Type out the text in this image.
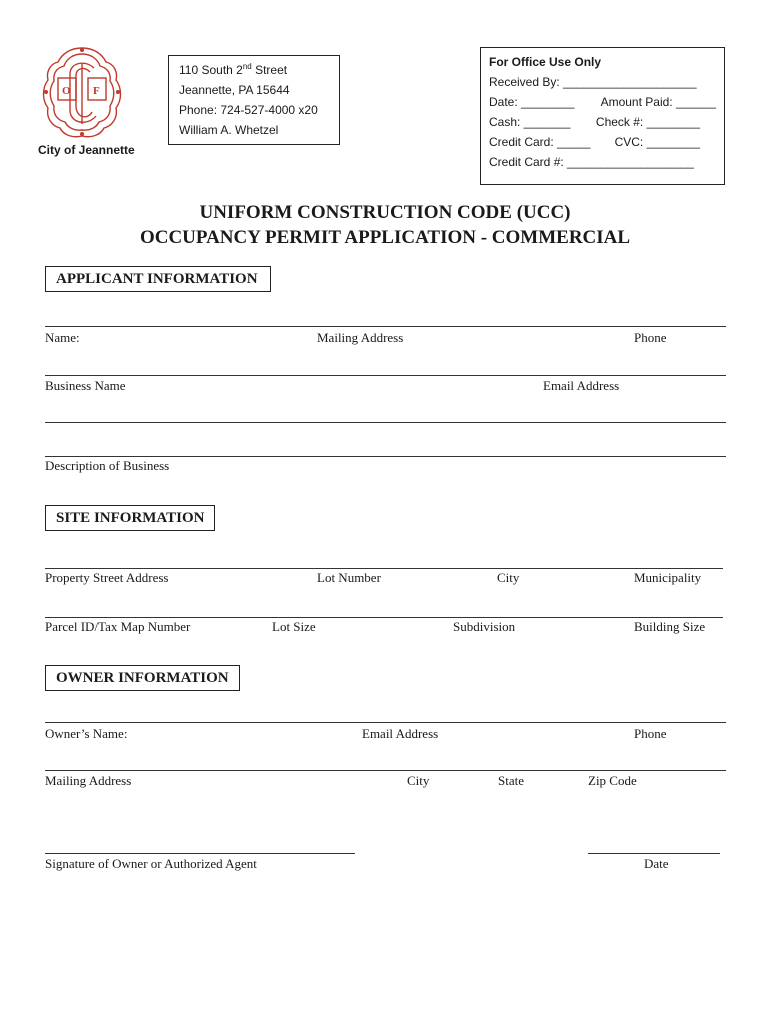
O F
City of Jeannette
110 South 2nd Street
Jeannette, PA 15644
Phone: 724-527-4000 x20
William A. Whetzel
For Office Use Only
Received By: ____________________
Date: ________ Amount Paid: ______
Cash: _______ Check #: ________
Credit Card: _____ CVC: ________
Credit Card #: ___________________
UNIFORM CONSTRUCTION CODE (UCC)
OCCUPANCY PERMIT APPLICATION - COMMERCIAL
APPLICANT INFORMATION
Name:	Mailing Address	Phone
Business Name	Email Address
Description of Business
SITE INFORMATION
Property Street Address	Lot Number	City	Municipality
Parcel ID/Tax Map Number	Lot Size	Subdivision	Building Size
OWNER INFORMATION
Owner’s Name:	Email Address	Phone
Mailing Address	City	State	Zip Code
Signature of Owner or Authorized Agent	Date
